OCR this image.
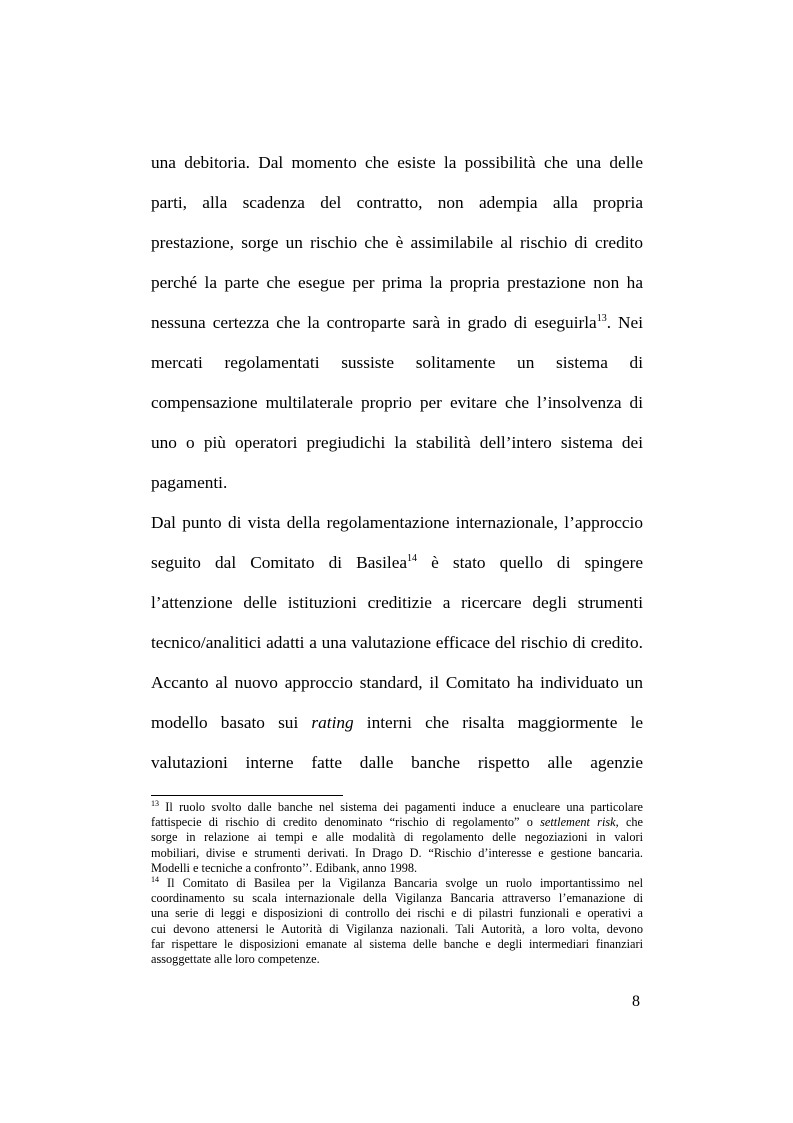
una debitoria. Dal momento che esiste la possibilità che una delle
parti, alla scadenza del contratto, non adempia alla propria
prestazione, sorge un rischio che è assimilabile al rischio di credito
perché la parte che esegue per prima la propria prestazione non ha
nessuna certezza che la controparte sarà in grado di eseguirla$^{13}$. Nei
mercati regolamentati sussiste solitamente un sistema di
compensazione multilaterale proprio per evitare che l’insolvenza di
uno o più operatori pregiudichi la stabilità dell’intero sistema dei
pagamenti.
Dal punto di vista della regolamentazione internazionale, l’approccio
seguito dal Comitato di Basilea$^{14}$ è stato quello di spingere
l’attenzione delle istituzioni creditizie a ricercare degli strumenti
tecnico/analitici adatti a una valutazione efficace del rischio di credito.
Accanto al nuovo approccio standard, il Comitato ha individuato un
modello basato sui rating interni che risalta maggiormente le
valutazioni interne fatte dalle banche rispetto alle agenzie
$^{13}$ Il ruolo svolto dalle banche nel sistema dei pagamenti induce a enucleare una particolare
fattispecie di rischio di credito denominato “rischio di regolamento” o settlement risk, che
sorge in relazione ai tempi e alle modalità di regolamento delle negoziazioni in valori
mobiliari, divise e strumenti derivati. In Drago D. “Rischio d’interesse e gestione bancaria.
Modelli e tecniche a confronto’’. Edibank, anno 1998.
$^{14}$ Il Comitato di Basilea per la Vigilanza Bancaria svolge un ruolo importantissimo nel
coordinamento su scala internazionale della Vigilanza Bancaria attraverso l’emanazione di
una serie di leggi e disposizioni di controllo dei rischi e di pilastri funzionali e operativi a
cui devono attenersi le Autorità di Vigilanza nazionali. Tali Autorità, a loro volta, devono
far rispettare le disposizioni emanate al sistema delle banche e degli intermediari finanziari
assoggettate alle loro competenze.
8
